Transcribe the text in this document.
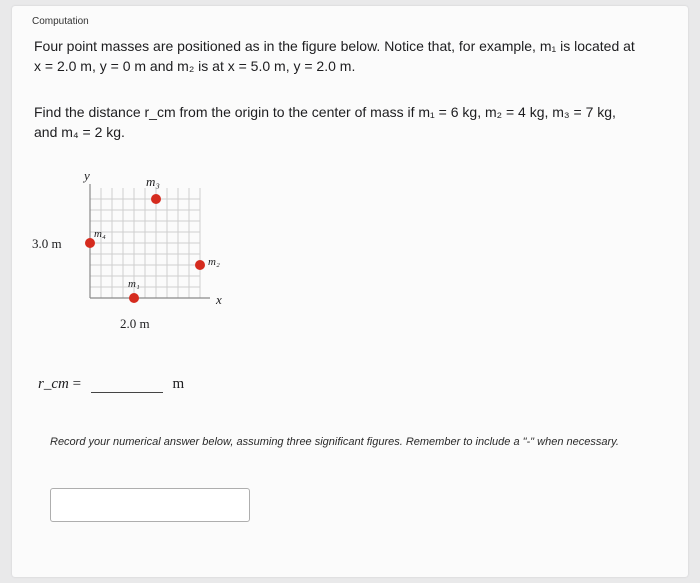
Computation
Four point masses are positioned as in the figure below. Notice that, for example, m₁ is located at
x = 2.0 m, y = 0 m and m₂ is at x = 5.0 m, y = 2.0 m.
Find the distance r_cm from the origin to the center of mass if m₁ = 6 kg, m₂ = 4 kg, m₃ = 7 kg,
and m₄ = 2 kg.
y
x
3.0 m
2.0 m
m₃
m₄
m₂
m₁
r_cm =	m
Record your numerical answer below, assuming three significant figures. Remember to include a "-" when necessary.
